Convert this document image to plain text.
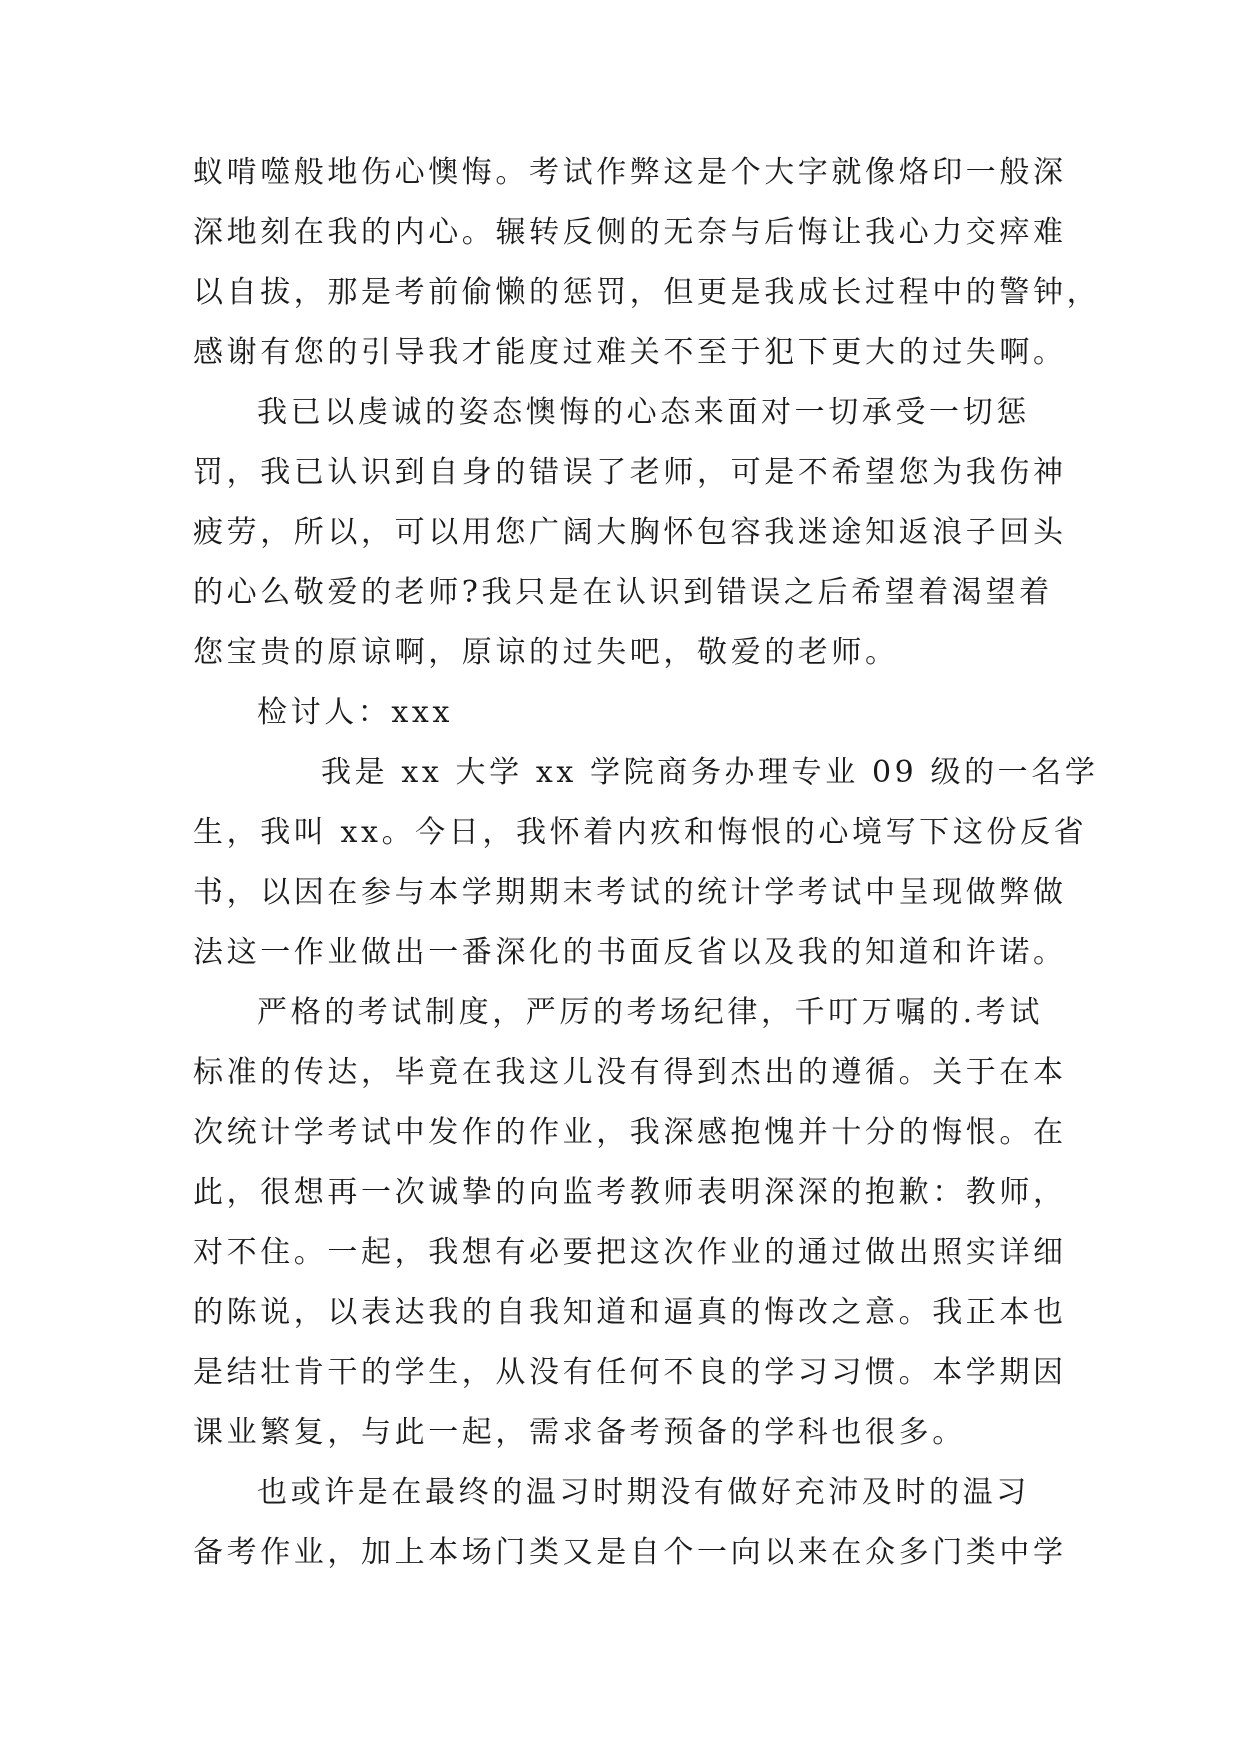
蚁啃噬般地伤心懊悔。考试作弊这是个大字就像烙印一般深
深地刻在我的内心。辗转反侧的无奈与后悔让我心力交瘁难
以自拔，那是考前偷懒的惩罚，但更是我成长过程中的警钟，
感谢有您的引导我才能度过难关不至于犯下更大的过失啊。
我已以虔诚的姿态懊悔的心态来面对一切承受一切惩
罚，我已认识到自身的错误了老师，可是不希望您为我伤神
疲劳，所以，可以用您广阔大胸怀包容我迷途知返浪子回头
的心么敬爱的老师?我只是在认识到错误之后希望着渴望着
您宝贵的原谅啊，原谅的过失吧，敬爱的老师。
检讨人：xxx
我是 xx 大学 xx 学院商务办理专业 09 级的一名学
生，我叫 xx。今日，我怀着内疚和悔恨的心境写下这份反省
书，以因在参与本学期期末考试的统计学考试中呈现做弊做
法这一作业做出一番深化的书面反省以及我的知道和许诺。
严格的考试制度，严厉的考场纪律，千叮万嘱的.考试
标准的传达，毕竟在我这儿没有得到杰出的遵循。关于在本
次统计学考试中发作的作业，我深感抱愧并十分的悔恨。在
此，很想再一次诚挚的向监考教师表明深深的抱歉：教师，
对不住。一起，我想有必要把这次作业的通过做出照实详细
的陈说，以表达我的自我知道和逼真的悔改之意。我正本也
是结壮肯干的学生，从没有任何不良的学习习惯。本学期因
课业繁复，与此一起，需求备考预备的学科也很多。
也或许是在最终的温习时期没有做好充沛及时的温习
备考作业，加上本场门类又是自个一向以来在众多门类中学
